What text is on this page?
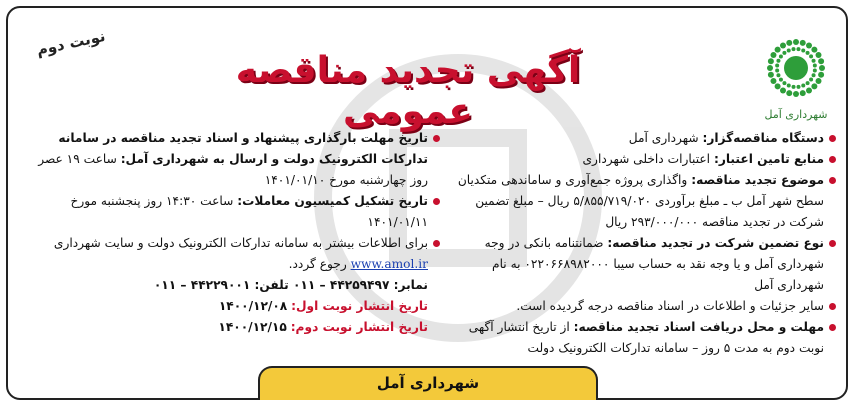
نوبت دوم
آگهی تجدید مناقصه عمومی	شهرداری آمل
دستگاه مناقصه‌گزار: شهرداری آمل
منابع تامین اعتبار: اعتبارات داخلی شهرداری
موضوع تجدید مناقصه: واگذاری پروژه جمع‌آوری و ساماندهی متکدیان سطح شهر آمل ب ـ مبلغ برآوردی ۵/۸۵۵/۷۱۹/۰۲۰ ریال – مبلغ تضمین شرکت در تجدید مناقصه ۲۹۳/۰۰۰/۰۰۰ ریال
نوع تضمین شرکت در تجدید مناقصه: ضمانتنامه بانکی در وجه شهرداری آمل و یا وجه نقد به حساب سیبا ۰۲۲۰۶۶۸۹۸۲۰۰۰ به نام شهرداری آمل
سایر جزئیات و اطلاعات در اسناد مناقصه درجه گردیده است.
مهلت و محل دریافت اسناد تجدید مناقصه: از تاریخ انتشار آگهی نوبت دوم به مدت ۵ روز – سامانه تدارکات الکترونیک دولت
تاریخ مهلت بارگذاری پیشنهاد و اسناد تجدید مناقصه در سامانه تدارکات الکترونیک دولت و ارسال به شهرداری آمل: ساعت ۱۹ عصر روز چهارشنبه مورخ ۱۴۰۱/۰۱/۱۰
تاریخ تشکیل کمیسیون معاملات: ساعت ۱۴:۳۰ روز پنجشنبه مورخ ۱۴۰۱/۰۱/۱۱
برای اطلاعات بیشتر به سامانه تدارکات الکترونیک دولت و سایت شهرداری www.amol.ir رجوع گردد.
نمابر: ۴۴۲۵۹۴۹۷ – ۰۱۱ تلفن: ۴۴۲۲۹۰۰۱ – ۰۱۱
تاریخ انتشار نوبت اول: ۱۴۰۰/۱۲/۰۸
تاریخ انتشار نوبت دوم: ۱۴۰۰/۱۲/۱۵
شهرداری آمل
